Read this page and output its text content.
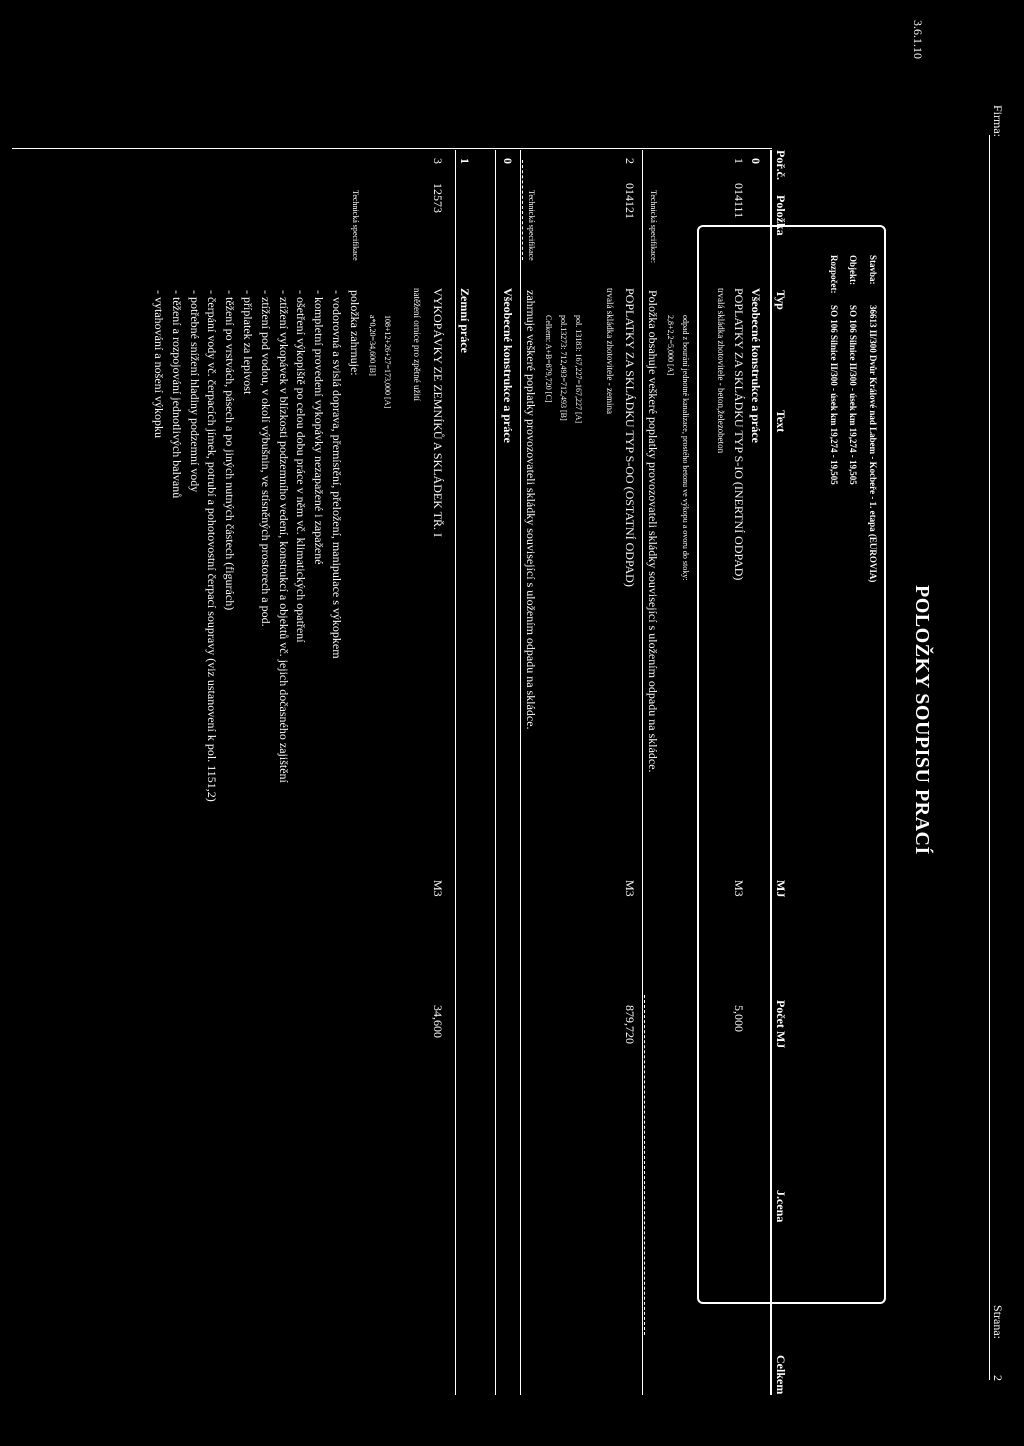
Firma:
Strana:
2
3.6.1.10
POLOŽKY SOUPISU PRACÍ
Stavba:
36613 II/300 Dvůr Králové nad Labem - Kocbeře - 1. etapa (EUROVIA)
Objekt:
SO 106 Silnice II/300 - úsek km 19,274 - 19,505
Rozpočet:
SO 106 Silnice II/300 - úsek km 19,274 - 19,505
Poř.č.
Položka
Typ
Text
MJ
Počet MJ
J.cena
Celkem
0
Všeobecné konstrukce a práce
1
014111
POPLATKY ZA SKLÁDKU TYP S-IO (INERTNÍ ODPAD)
M3
5,000
trvalá skládka zhotovitele - beton,železobeton
odpad z bourání jednotné kanalizace, prostého betonu ve výkopu a ovoru do stoky:
2,8+2,2=5,000 [A]
Technická specifikace:
Položka obsahuje veškeré poplatky provozovateli skládky související s uložením odpadu na skládce.
2
014121
POPLATKY ZA SKLÁDKU TYP S-OO (OSTATNÍ ODPAD)
M3
879,720
trvalá skládka zhotovitele - zemina
pol. 13183: 167,227=167,227 [A]
pol.13273: 712,493=712,493 [B]
Celkem: A+B=879,720 [C]
Technická specifikace
zahrnuje veškeré poplatky provozovateli skládky související s uložením odpadu na skládce.
0
Všeobecné konstrukce a práce
1
Zemní práce
3
12573
VYKOPÁVKY ZE ZEMNÍKŮ A SKLÁDEK TŘ. I
M3
34,600
natěžení ornice pro zpětné užití
108+12+26+27=173,000 [A]
a*0,20=34,600 [B]
Technická specifikace
položka zahrnuje:
- vodorovná a svislá doprava, přemístění, přeložení, manipulace s výkopkem
- kompletní provedení vykopávky nezapažené i zapažené
- ošetření výkopiště po celou dobu práce v něm vč. klimatických opatření
- ztížení vykopávek v blízkosti podzemního vedení, konstrukcí a objektů vč. jejich dočasného zajištění
- ztížení pod vodou, v okolí výbušnin, ve stísněných prostorech a pod.
- příplatek za lepivost
- těžení po vrstvách, pásech a po jiných nutných částech (figurách)
- čerpání vody vč. čerpacích jímek, potrubí a pohotovostní čerpací soupravy (viz ustanovení k pol. 1151,2)
- potřebné snížení hladiny podzemní vody
- těžení a rozpojování jednotlivých balvanů
- vytahování a nošení výkopku
